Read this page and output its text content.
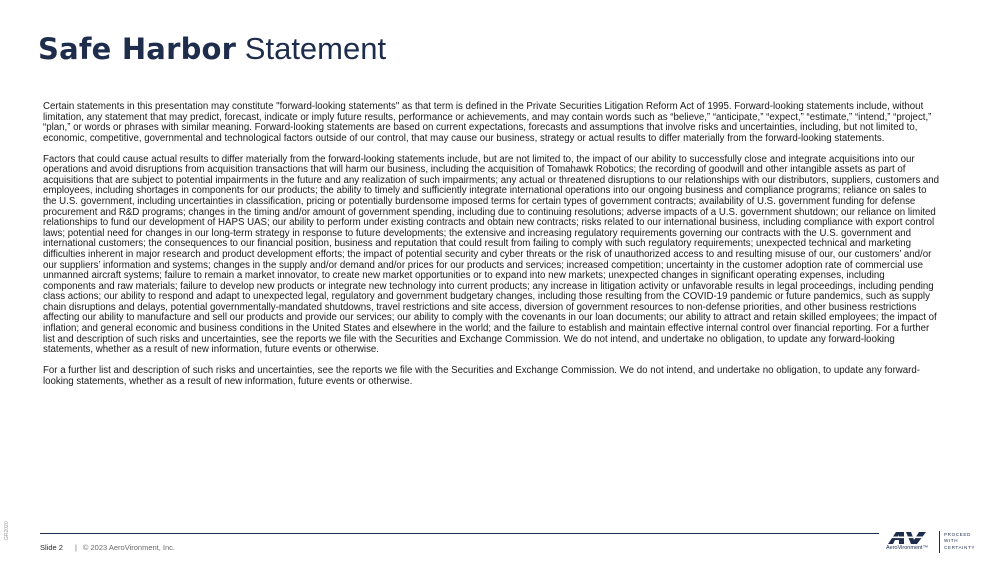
Safe Harbor Statement

Certain statements in this presentation may constitute "forward-looking statements" as that term is defined in the Private Securities Litigation Reform Act of 1995. Forward-looking statements include, without limitation, any statement that may predict, forecast, indicate or imply future results, performance or achievements, and may contain words such as “believe,” “anticipate,” “expect,” “estimate,” “intend,” “project,” “plan,” or words or phrases with similar meaning. Forward-looking statements are based on current expectations, forecasts and assumptions that involve risks and uncertainties, including, but not limited to, economic, competitive, governmental and technological factors outside of our control, that may cause our business, strategy or actual results to differ materially from the forward-looking statements.

Factors that could cause actual results to differ materially from the forward-looking statements include, but are not limited to, the impact of our ability to successfully close and integrate acquisitions into our operations and avoid disruptions from acquisition transactions that will harm our business, including the acquisition of Tomahawk Robotics; the recording of goodwill and other intangible assets as part of acquisitions that are subject to potential impairments in the future and any realization of such impairments; any actual or threatened disruptions to our relationships with our distributors, suppliers, customers and employees, including shortages in components for our products; the ability to timely and sufficiently integrate international operations into our ongoing business and compliance programs; reliance on sales to the U.S. government, including uncertainties in classification, pricing or potentially burdensome imposed terms for certain types of government contracts; availability of U.S. government funding for defense procurement and R&D programs; changes in the timing and/or amount of government spending, including due to continuing resolutions; adverse impacts of a U.S. government shutdown; our reliance on limited relationships to fund our development of HAPS UAS; our ability to perform under existing contracts and obtain new contracts; risks related to our international business, including compliance with export control laws; potential need for changes in our long-term strategy in response to future developments; the extensive and increasing regulatory requirements governing our contracts with the U.S. government and international customers; the consequences to our financial position, business and reputation that could result from failing to comply with such regulatory requirements; unexpected technical and marketing difficulties inherent in major research and product development efforts; the impact of potential security and cyber threats or the risk of unauthorized access to and resulting misuse of our, our customers’ and/or our suppliers’ information and systems; changes in the supply and/or demand and/or prices for our products and services; increased competition; uncertainty in the customer adoption rate of commercial use unmanned aircraft systems; failure to remain a market innovator, to create new market opportunities or to expand into new markets; unexpected changes in significant operating expenses, including components and raw materials; failure to develop new products or integrate new technology into current products; any increase in litigation activity or unfavorable results in legal proceedings, including pending class actions; our ability to respond and adapt to unexpected legal, regulatory and government budgetary changes, including those resulting from the COVID-19 pandemic or future pandemics, such as supply chain disruptions and delays, potential governmentally-mandated shutdowns, travel restrictions and site access, diversion of government resources to non-defense priorities, and other business restrictions affecting our ability to manufacture and sell our products and provide our services; our ability to comply with the covenants in our loan documents; our ability to attract and retain skilled employees; the impact of inflation; and general economic and business conditions in the United States and elsewhere in the world; and the failure to establish and maintain effective internal control over financial reporting. For a further list and description of such risks and uncertainties, see the reports we file with the Securities and Exchange Commission. We do not intend, and undertake no obligation, to update any forward-looking statements, whether as a result of new information, future events or otherwise.

For a further list and description of such risks and uncertainties, see the reports we file with the Securities and Exchange Commission. We do not intend, and undertake no obligation, to update any forward-looking statements, whether as a result of new information, future events or otherwise.

GR2020
Slide 2 | © 2023 AeroVironment, Inc.	AeroVironment™
PROCEED
WITH
CERTAINTY
